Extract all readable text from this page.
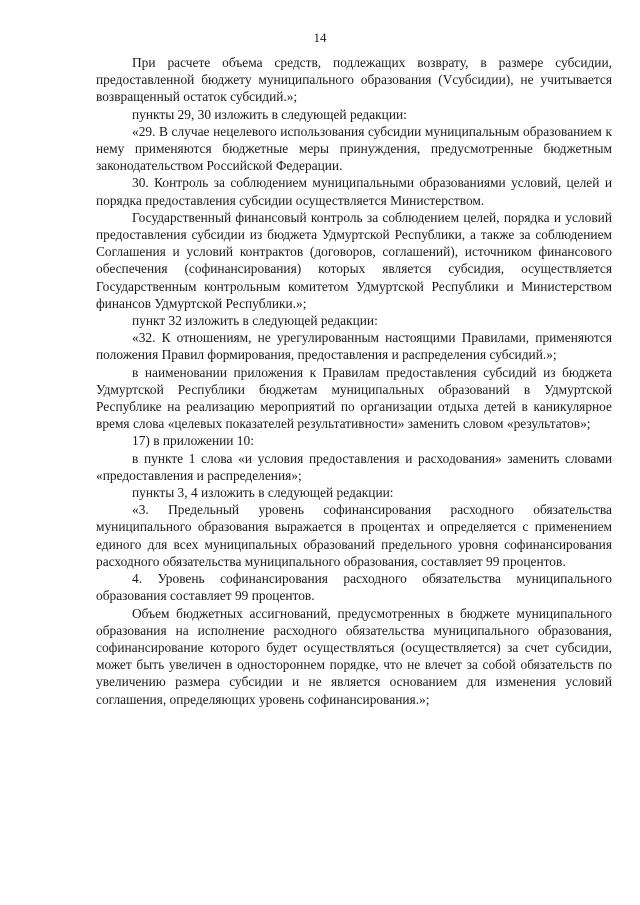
14

При расчете объема средств, подлежащих возврату, в размере субсидии, предоставленной бюджету муниципального образования (Vсубсидии), не учитывается возвращенный остаток субсидий.»;

пункты 29, 30 изложить в следующей редакции:

«29. В случае нецелевого использования субсидии муниципальным образованием к нему применяются бюджетные меры принуждения, предусмотренные бюджетным законодательством Российской Федерации.

30. Контроль за соблюдением муниципальными образованиями условий, целей и порядка предоставления субсидии осуществляется Министерством.

Государственный финансовый контроль за соблюдением целей, порядка и условий предоставления субсидии из бюджета Удмуртской Республики, а также за соблюдением Соглашения и условий контрактов (договоров, соглашений), источником финансового обеспечения (софинансирования) которых является субсидия, осуществляется Государственным контрольным комитетом Удмуртской Республики и Министерством финансов Удмуртской Республики.»;

пункт 32 изложить в следующей редакции:

«32. К отношениям, не урегулированным настоящими Правилами, применяются положения Правил формирования, предоставления и распределения субсидий.»;

в наименовании приложения к Правилам предоставления субсидий из бюджета Удмуртской Республики бюджетам муниципальных образований в Удмуртской Республике на реализацию мероприятий по организации отдыха детей в каникулярное время слова «целевых показателей результативности» заменить словом «результатов»;

17) в приложении 10:

в пункте 1 слова «и условия предоставления и расходования» заменить словами «предоставления и распределения»;

пункты 3, 4 изложить в следующей редакции:

«3. Предельный уровень софинансирования расходного обязательства муниципального образования выражается в процентах и определяется с применением единого для всех муниципальных образований предельного уровня софинансирования расходного обязательства муниципального образования, составляет 99 процентов.

4. Уровень софинансирования расходного обязательства муниципального образования составляет 99 процентов.

Объем бюджетных ассигнований, предусмотренных в бюджете муниципального образования на исполнение расходного обязательства муниципального образования, софинансирование которого будет осуществляться (осуществляется) за счет субсидии, может быть увеличен в одностороннем порядке, что не влечет за собой обязательств по увеличению размера субсидии и не является основанием для изменения условий соглашения, определяющих уровень софинансирования.»;
